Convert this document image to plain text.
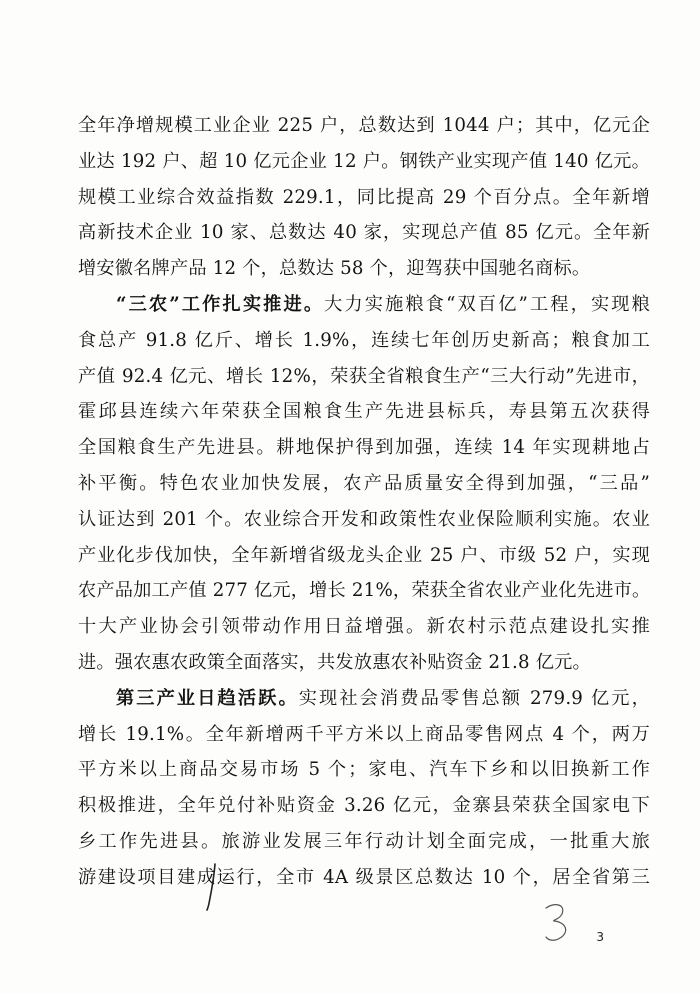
全年净增规模工业企业 225 户，总数达到 1044 户；其中，亿元企
业达 192 户、超 10 亿元企业 12 户。钢铁产业实现产值 140 亿元。
规模工业综合效益指数 229.1，同比提高 29 个百分点。全年新增
高新技术企业 10 家、总数达 40 家，实现总产值 85 亿元。全年新
增安徽名牌产品 12 个，总数达 58 个，迎驾获中国驰名商标。
“三农”工作扎实推进。大力实施粮食“双百亿”工程，实现粮
食总产 91.8 亿斤、增长 1.9%，连续七年创历史新高；粮食加工
产值 92.4 亿元、增长 12%，荣获全省粮食生产“三大行动”先进市，
霍邱县连续六年荣获全国粮食生产先进县标兵，寿县第五次获得
全国粮食生产先进县。耕地保护得到加强，连续 14 年实现耕地占
补平衡。特色农业加快发展，农产品质量安全得到加强，“三品”
认证达到 201 个。农业综合开发和政策性农业保险顺利实施。农业
产业化步伐加快，全年新增省级龙头企业 25 户、市级 52 户，实现
农产品加工产值 277 亿元，增长 21%，荣获全省农业产业化先进市。
十大产业协会引领带动作用日益增强。新农村示范点建设扎实推
进。强农惠农政策全面落实，共发放惠农补贴资金 21.8 亿元。
第三产业日趋活跃。实现社会消费品零售总额 279.9 亿元，
增长 19.1%。全年新增两千平方米以上商品零售网点 4 个，两万
平方米以上商品交易市场 5 个；家电、汽车下乡和以旧换新工作
积极推进，全年兑付补贴资金 3.26 亿元，金寨县荣获全国家电下
乡工作先进县。旅游业发展三年行动计划全面完成，一批重大旅
游建设项目建成运行，全市 4A 级景区总数达 10 个，居全省第三
3
